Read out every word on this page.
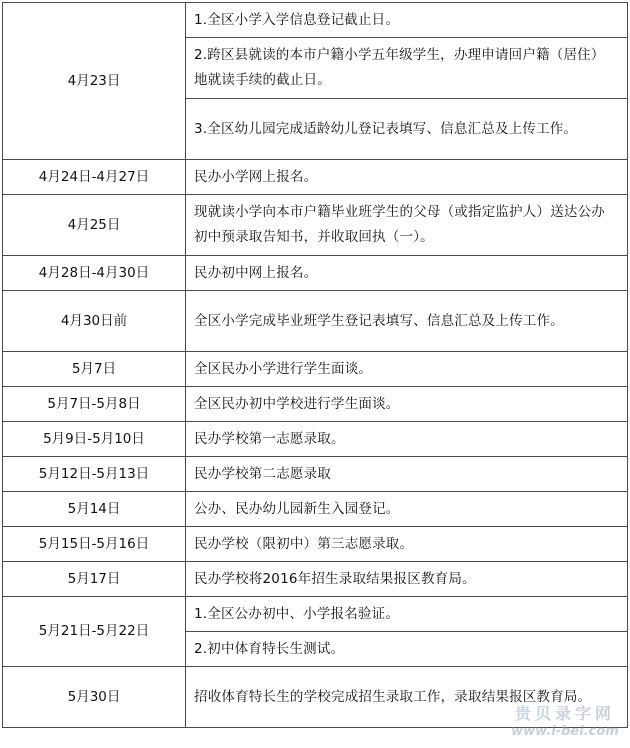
4月23日	1.全区小学入学信息登记截止日。
	2.跨区县就读的本市户籍小学五年级学生，办理申请回户籍（居住）地就读手续的截止日。
	3.全区幼儿园完成适龄幼儿登记表填写、信息汇总及上传工作。
4月24日-4月27日	民办小学网上报名。
4月25日	现就读小学向本市户籍毕业班学生的父母（或指定监护人）送达公办初中预录取告知书，并收取回执（一）。
4月28日-4月30日	民办初中网上报名。
4月30日前	全区小学完成毕业班学生登记表填写、信息汇总及上传工作。
5月7日	全区民办小学进行学生面谈。
5月7日-5月8日	全区民办初中学校进行学生面谈。
5月9日-5月10日	民办学校第一志愿录取。
5月12日-5月13日	民办学校第二志愿录取
5月14日	公办、民办幼儿园新生入园登记。
5月15日-5月16日	民办学校（限初中）第三志愿录取。
5月17日	民办学校将2016年招生录取结果报区教育局。
5月21日-5月22日	1.全区公办初中、小学报名验证。
	2.初中体育特长生测试。
5月30日	招收体育特长生的学校完成招生录取工作，录取结果报区教育局。
贵贝录字网
www.i-bei.com
